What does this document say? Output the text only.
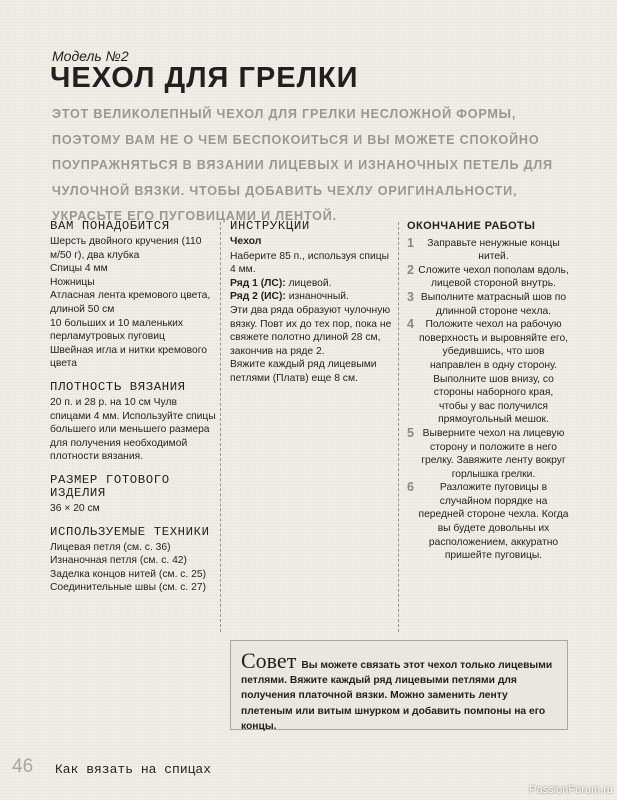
Модель №2
ЧЕХОЛ ДЛЯ ГРЕЛКИ
ЭТОТ ВЕЛИКОЛЕПНЫЙ ЧЕХОЛ ДЛЯ ГРЕЛКИ НЕСЛОЖНОЙ ФОРМЫ, ПОЭТОМУ ВАМ НЕ О ЧЕМ БЕСПОКОИТЬСЯ И ВЫ МОЖЕТЕ СПОКОЙНО ПОУПРАЖНЯТЬСЯ В ВЯЗАНИИ ЛИЦЕВЫХ И ИЗНАНОЧНЫХ ПЕТЕЛЬ ДЛЯ ЧУЛОЧНОЙ ВЯЗКИ. ЧТОБЫ ДОБАВИТЬ ЧЕХЛУ ОРИГИНАЛЬНОСТИ, УКРАСЬТЕ ЕГО ПУГОВИЦАМИ И ЛЕНТОЙ.
ВАМ ПОНАДОБИТСЯ

Шерсть двойного кручения (110 м/50 г), два клубка

Спицы 4 мм

Ножницы

Атласная лента кремового цвета, длиной 50 см

10 больших и 10 маленьких перламутровых пуговиц

Швейная игла и нитки кремового цвета

ПЛОТНОСТЬ ВЯЗАНИЯ

20 п. и 28 р. на 10 см Чулв спицами 4 мм. Используйте спицы большего или меньшего размера для получения необходимой плотности вязания.

РАЗМЕР ГОТОВОГО ИЗДЕЛИЯ

36 × 20 см

ИСПОЛЬЗУЕМЫЕ ТЕХНИКИ

Лицевая петля (см. с. 36)

Изнаночная петля (см. с. 42)

Заделка концов нитей (см. с. 25)

Соединительные швы (см. с. 27)

ИНСТРУКЦИИ
Чехол

Наберите 85 п., используя спицы 4 мм.

Ряд 1 (ЛС): лицевой.

Ряд 2 (ИС): изнаночный.

Эти два ряда образуют чулочную вязку. Повт их до тех пор, пока не свяжете полотно длиной 28 см, закончив на ряде 2.

Вяжите каждый ряд лицевыми петлями (Платв) еще 8 см.

ОКОНЧАНИЕ РАБОТЫ
1	Заправьте ненужные концы нитей.
2 Сложите чехол пополам вдоль, лицевой стороной внутрь.
3 Выполните матрасный шов по длинной стороне чехла.
4	Положите чехол на рабочую поверхность и выровняйте его, убедившись, что шов направлен в одну сторону. Выполните шов внизу, со стороны наборного края, чтобы у вас получился прямоугольный мешок.
5 Выверните чехол на лицевую сторону и положите в него грелку. Завяжите ленту вокруг горлышка грелки.
6	Разложите пуговицы в случайном порядке на передней стороне чехла. Когда вы будете довольны их расположением, аккуратно пришейте пуговицы.
Совет Вы можете связать этот чехол только лицевыми петлями. Вяжите каждый ряд лицевыми петлями для получения платочной вязки. Можно заменить ленту плетеным или витым шнурком и добавить помпоны на его концы.
46 Как вязать на спицах
PassionForum.ru
